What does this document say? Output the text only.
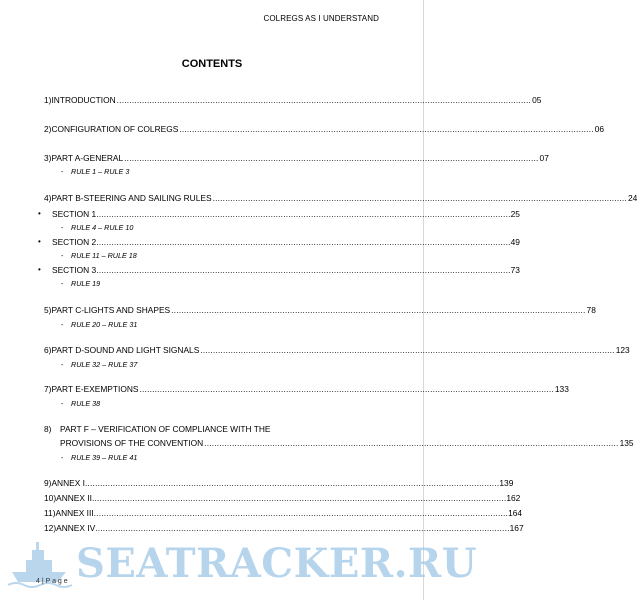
COLREGS AS I UNDERSTAND
CONTENTS
1) INTRODUCTION .................................................................................................................................................................... 05
2) CONFIGURATION OF COLREGS .................................................................................................................................................................... 06
3) PART A-GENERAL .................................................................................................................................................................... 07
- RULE 1 – RULE 3
4) PART B-STEERING AND SAILING RULES .................................................................................................................................................................... 24
• SECTION 1 .................................................................................................................................................................... 25
- RULE 4 – RULE 10
• SECTION 2 .................................................................................................................................................................... 49
- RULE 11 – RULE 18
• SECTION 3 .................................................................................................................................................................... 73
- RULE 19
5) PART C-LIGHTS AND SHAPES .................................................................................................................................................................... 78
- RULE 20 – RULE 31
6) PART D-SOUND AND LIGHT SIGNALS .................................................................................................................................................................... 123
- RULE 32 – RULE 37
7) PART E-EXEMPTIONS .................................................................................................................................................................... 133
- RULE 38
8)	PART F – VERIFICATION OF COMPLIANCE WITH THE
PROVISIONS OF THE CONVENTION .................................................................................................................................................................... 135
- RULE 39 – RULE 41
9) ANNEX I .................................................................................................................................................................... 139
10) ANNEX II .................................................................................................................................................................... 162
11) ANNEX III .................................................................................................................................................................... 164
12) ANNEX IV .................................................................................................................................................................... 167
SEATRACKER.RU
4 | P a g e
